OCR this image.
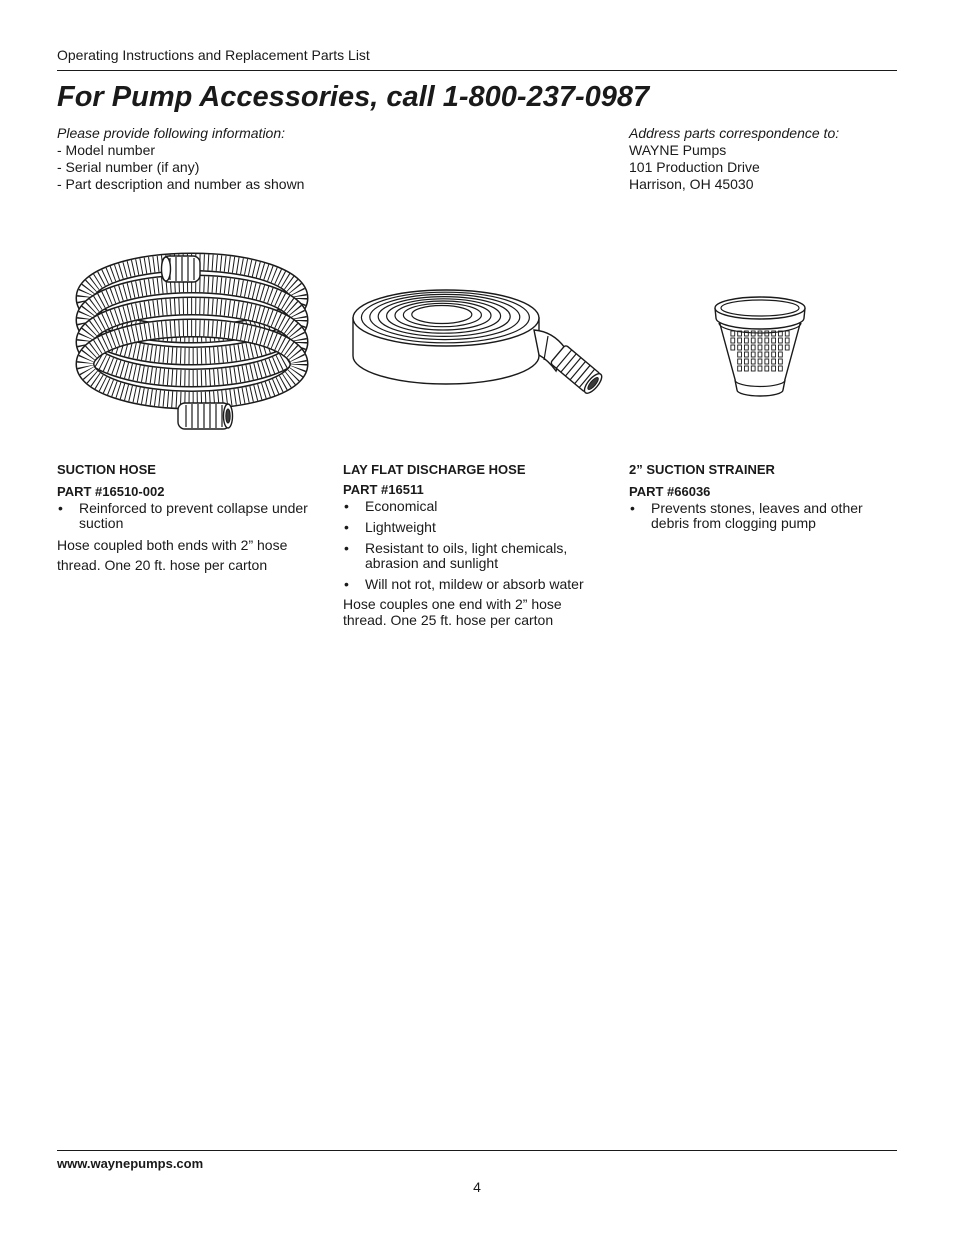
Operating Instructions and Replacement Parts List
For Pump Accessories, call 1-800-237-0987
Please provide following information:
- Model number
- Serial number (if any)
- Part description and number as shown
Address parts correspondence to:
WAYNE Pumps
101 Production Drive
Harrison, OH 45030
SUCTION HOSE
PART #16510-002
• Reinforced to prevent collapse under suction

Hose coupled both ends with 2” hose thread. One 20 ft. hose per carton

LAY FLAT DISCHARGE HOSE
PART #16511
• Economical
• Lightweight
• Resistant to oils, light chemicals, abrasion and sunlight
• Will not rot, mildew or absorb water

Hose couples one end with 2” hose thread. One 25 ft. hose per carton

2” SUCTION STRAINER
PART #66036
• Prevents stones, leaves and other debris from clogging pump
www.waynepumps.com
4
